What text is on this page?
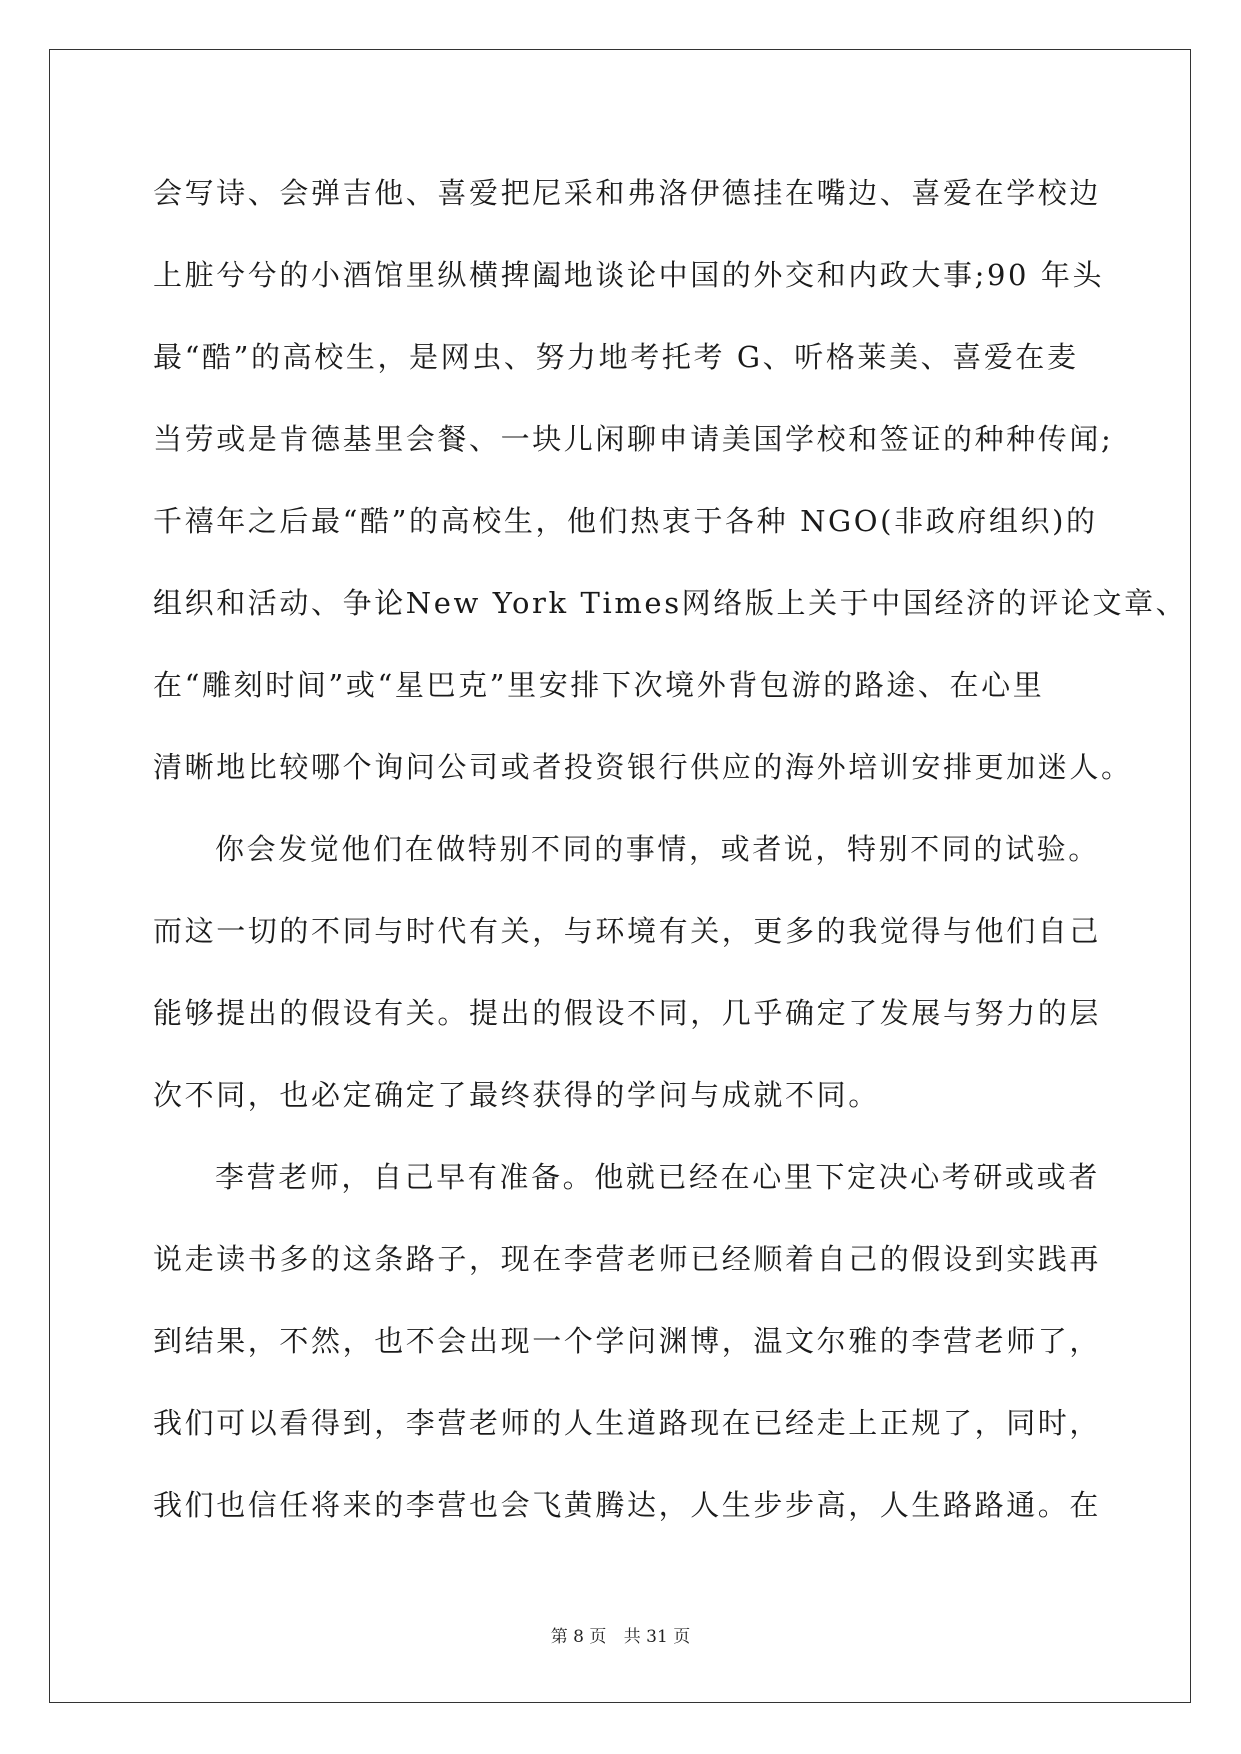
会写诗、会弹吉他、喜爱把尼采和弗洛伊德挂在嘴边、喜爱在学校边
上脏兮兮的小酒馆里纵横捭阖地谈论中国的外交和内政大事;90 年头
最“酷”的高校生，是网虫、努力地考托考 G、听格莱美、喜爱在麦
当劳或是肯德基里会餐、一块儿闲聊申请美国学校和签证的种种传闻;
千禧年之后最“酷”的高校生，他们热衷于各种 NGO(非政府组织)的
组织和活动、争论New York Times网络版上关于中国经济的评论文章、
在“雕刻时间”或“星巴克”里安排下次境外背包游的路途、在心里
清晰地比较哪个询问公司或者投资银行供应的海外培训安排更加迷人。
你会发觉他们在做特别不同的事情，或者说，特别不同的试验。
而这一切的不同与时代有关，与环境有关，更多的我觉得与他们自己
能够提出的假设有关。提出的假设不同，几乎确定了发展与努力的层
次不同，也必定确定了最终获得的学问与成就不同。
李营老师，自己早有准备。他就已经在心里下定决心考研或或者
说走读书多的这条路子，现在李营老师已经顺着自己的假设到实践再
到结果，不然，也不会出现一个学问渊博，温文尔雅的李营老师了，
我们可以看得到，李营老师的人生道路现在已经走上正规了，同时，
我们也信任将来的李营也会飞黄腾达，人生步步高，人生路路通。在
第 8 页 共 31 页
